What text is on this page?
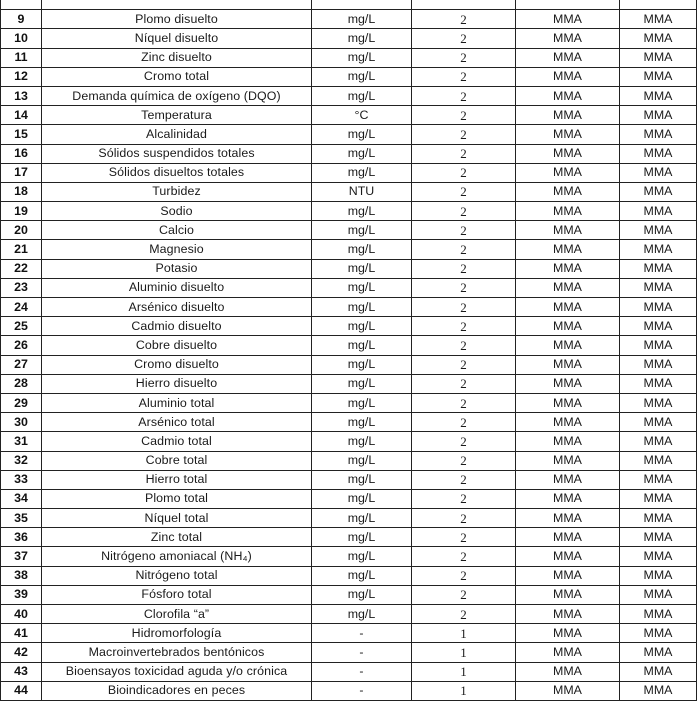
9	Plomo disuelto	mg/L	2	MMA	MMA
10	Níquel disuelto	mg/L	2	MMA	MMA
11	Zinc disuelto	mg/L	2	MMA	MMA
12	Cromo total	mg/L	2	MMA	MMA
13	Demanda química de oxígeno (DQO)	mg/L	2	MMA	MMA
14	Temperatura	°C	2	MMA	MMA
15	Alcalinidad	mg/L	2	MMA	MMA
16	Sólidos suspendidos totales	mg/L	2	MMA	MMA
17	Sólidos disueltos totales	mg/L	2	MMA	MMA
18	Turbidez	NTU	2	MMA	MMA
19	Sodio	mg/L	2	MMA	MMA
20	Calcio	mg/L	2	MMA	MMA
21	Magnesio	mg/L	2	MMA	MMA
22	Potasio	mg/L	2	MMA	MMA
23	Aluminio disuelto	mg/L	2	MMA	MMA
24	Arsénico disuelto	mg/L	2	MMA	MMA
25	Cadmio disuelto	mg/L	2	MMA	MMA
26	Cobre disuelto	mg/L	2	MMA	MMA
27	Cromo disuelto	mg/L	2	MMA	MMA
28	Hierro disuelto	mg/L	2	MMA	MMA
29	Aluminio total	mg/L	2	MMA	MMA
30	Arsénico total	mg/L	2	MMA	MMA
31	Cadmio total	mg/L	2	MMA	MMA
32	Cobre total	mg/L	2	MMA	MMA
33	Hierro total	mg/L	2	MMA	MMA
34	Plomo total	mg/L	2	MMA	MMA
35	Níquel total	mg/L	2	MMA	MMA
36	Zinc total	mg/L	2	MMA	MMA
37	Nitrógeno amoniacal (NH₄)	mg/L	2	MMA	MMA
38	Nitrógeno total	mg/L	2	MMA	MMA
39	Fósforo total	mg/L	2	MMA	MMA
40	Clorofila “a”	mg/L	2	MMA	MMA
41	Hidromorfología	-	1	MMA	MMA
42	Macroinvertebrados bentónicos	-	1	MMA	MMA
43	Bioensayos toxicidad aguda y/o crónica	-	1	MMA	MMA
44	Bioindicadores en peces	-	1	MMA	MMA
